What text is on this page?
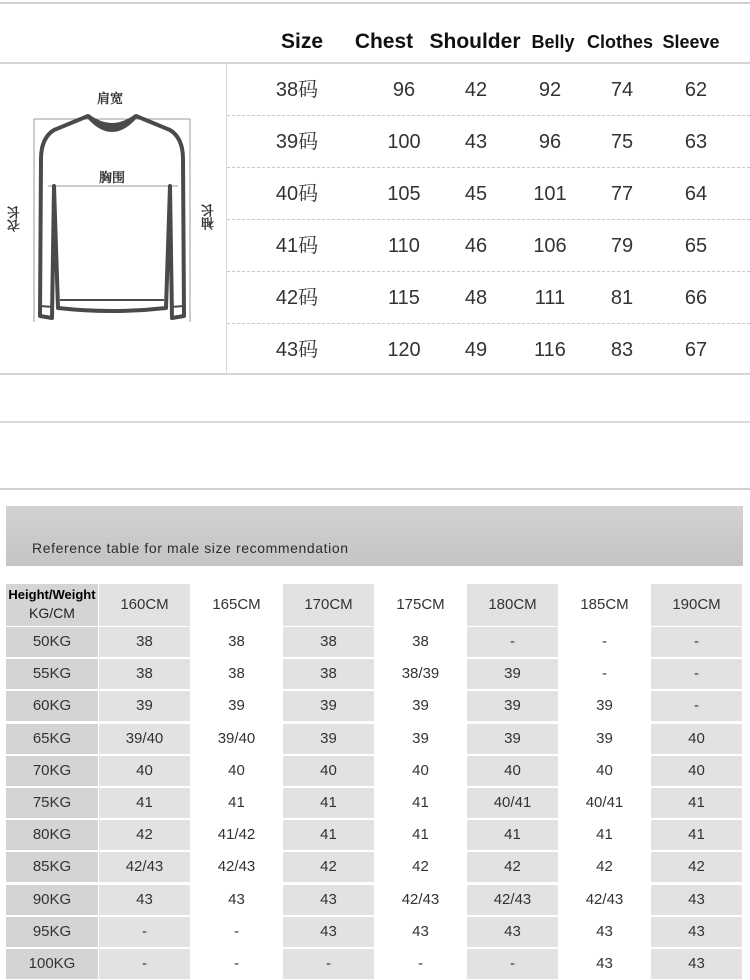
Size	Chest Shoulder Belly Clothes Sleeve
肩宽
胸围
衣长	袖长
38码	96	42	92	74	62
39码	100	43	96	75	63
40码	105	45	101	77	64
41码	110	46	106	79	65
42码	115	48	111	81	66
43码	120	49	116	83	67
Reference table for male size recommendation
Height/Weight
KG/CM	160CM	165CM	170CM	175CM	180CM	185CM	190CM
50KG	38	38	38	38	-	-	-
55KG	38	38	38	38/39	39	-	-
60KG	39	39	39	39	39	39	-
65KG	39/40	39/40	39	39	39	39	40
70KG	40	40	40	40	40	40	40
75KG	41	41	41	41	40/41	40/41	41
80KG	42	41/42	41	41	41	41	41
85KG	42/43	42/43	42	42	42	42	42
90KG	43	43	43	42/43	42/43	42/43	43
95KG	-	-	43	43	43	43	43
100KG	-	-	-	-	-	43	43
